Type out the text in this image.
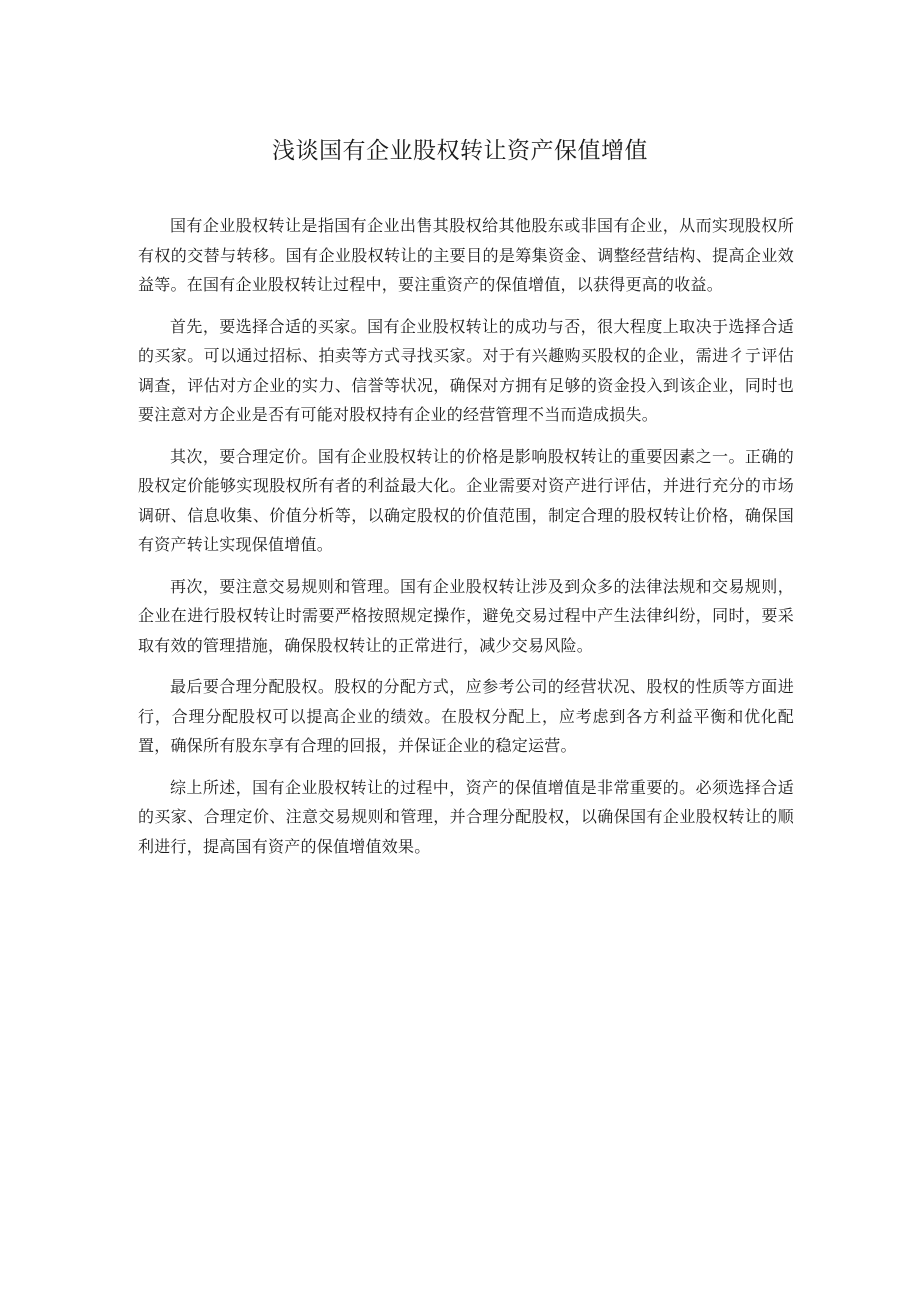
浅谈国有企业股权转让资产保值增值

国有企业股权转让是指国有企业出售其股权给其他股东或非国有企业，从而实现股权所有权的交替与转移。国有企业股权转让的主要目的是筹集资金、调整经营结构、提高企业效益等。在国有企业股权转让过程中，要注重资产的保值增值，以获得更高的收益。

首先，要选择合适的买家。国有企业股权转让的成功与否，很大程度上取决于选择合适的买家。可以通过招标、拍卖等方式寻找买家。对于有兴趣购买股权的企业，需进彳亍评估调查，评估对方企业的实力、信誉等状况，确保对方拥有足够的资金投入到该企业，同时也要注意对方企业是否有可能对股权持有企业的经营管理不当而造成损失。

其次，要合理定价。国有企业股权转让的价格是影响股权转让的重要因素之一。正确的股权定价能够实现股权所有者的利益最大化。企业需要对资产进行评估，并进行充分的市场调研、信息收集、价值分析等，以确定股权的价值范围，制定合理的股权转让价格，确保国有资产转让实现保值增值。

再次，要注意交易规则和管理。国有企业股权转让涉及到众多的法律法规和交易规则，企业在进行股权转让时需要严格按照规定操作，避免交易过程中产生法律纠纷，同时，要采取有效的管理措施，确保股权转让的正常进行，减少交易风险。

最后要合理分配股权。股权的分配方式，应参考公司的经营状况、股权的性质等方面进行，合理分配股权可以提高企业的绩效。在股权分配上，应考虑到各方利益平衡和优化配置，确保所有股东享有合理的回报，并保证企业的稳定运营。

综上所述，国有企业股权转让的过程中，资产的保值增值是非常重要的。必须选择合适的买家、合理定价、注意交易规则和管理，并合理分配股权，以确保国有企业股权转让的顺利进行，提高国有资产的保值增值效果。
